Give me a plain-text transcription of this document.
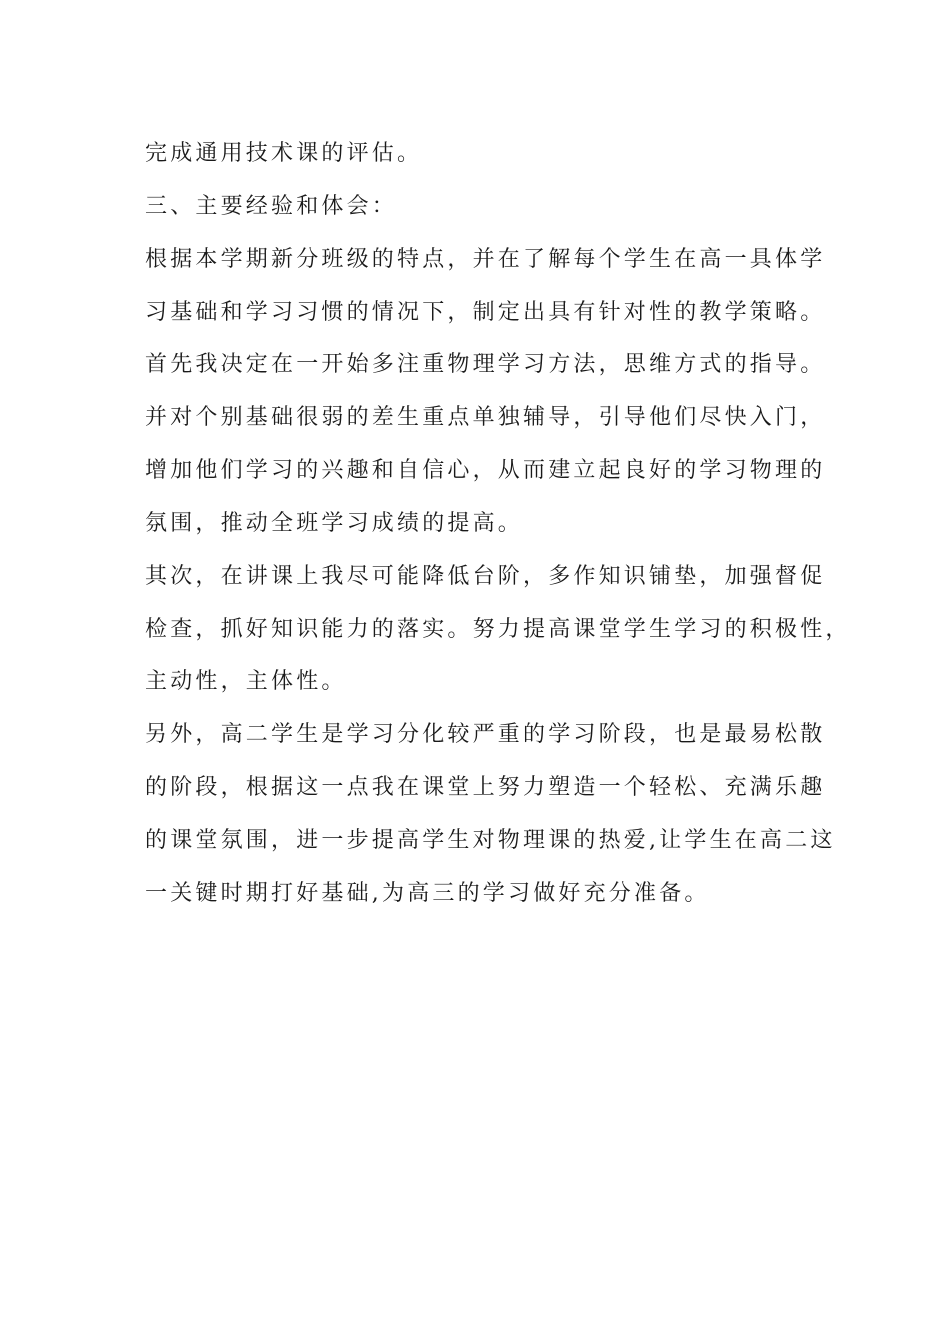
完成通用技术课的评估。
三、主要经验和体会：
根据本学期新分班级的特点，并在了解每个学生在高一具体学
习基础和学习习惯的情况下，制定出具有针对性的教学策略。
首先我决定在一开始多注重物理学习方法，思维方式的指导。
并对个别基础很弱的差生重点单独辅导，引导他们尽快入门，
增加他们学习的兴趣和自信心，从而建立起良好的学习物理的
氛围，推动全班学习成绩的提高。
其次，在讲课上我尽可能降低台阶，多作知识铺垫，加强督促
检查，抓好知识能力的落实。努力提高课堂学生学习的积极性，
主动性，主体性。
另外，高二学生是学习分化较严重的学习阶段，也是最易松散
的阶段，根据这一点我在课堂上努力塑造一个轻松、充满乐趣
的课堂氛围，进一步提高学生对物理课的热爱,让学生在高二这
一关键时期打好基础,为高三的学习做好充分准备。
